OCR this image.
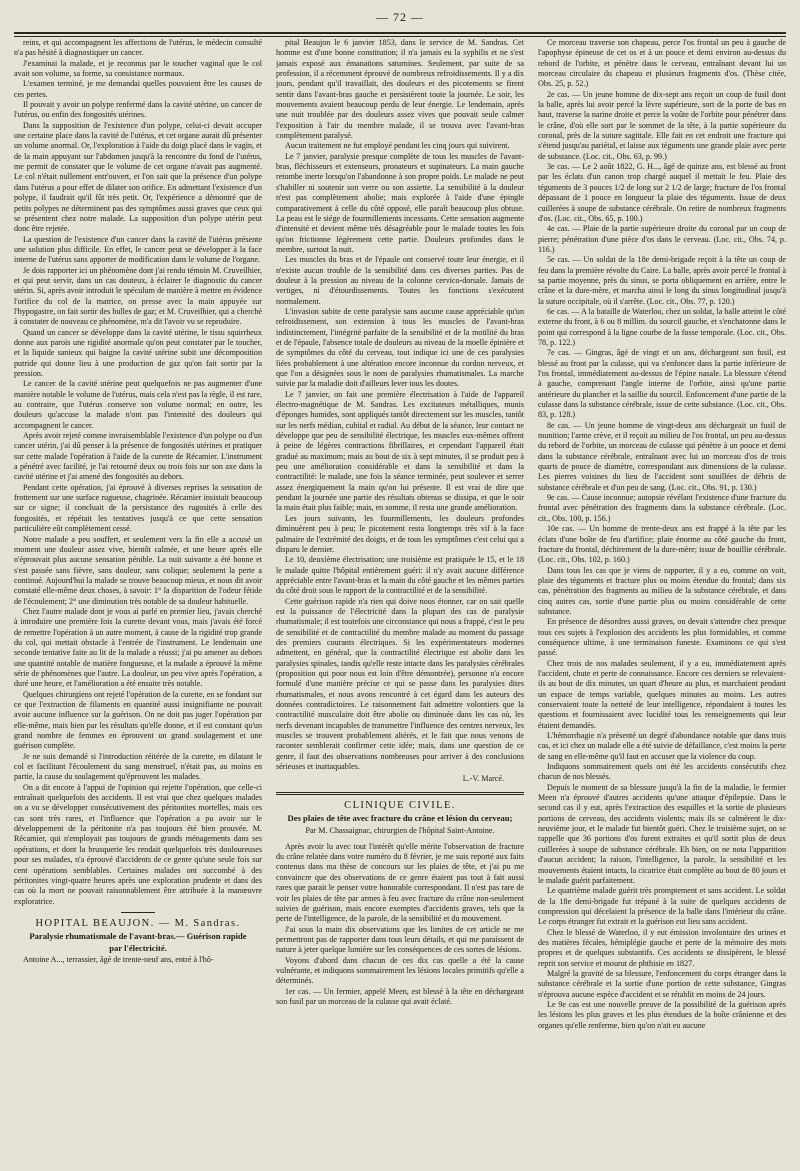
— 72 —

reins, et qui accompagnent les affections de l'utérus, le médecin consulté n'a pas hésité à diagnostiquer un cancer.

J'examinai la malade, et je reconnus par le toucher vaginal que le col avait son volume, sa forme, sa consistance normaux.

L'examen terminé, je me demandai quelles pouvaient être les causes de ces pertes.

Il pouvait y avoir un polype renfermé dans la cavité utérine, un cancer de l'utérus, ou enfin des fongosités utérines.

Dans la supposition de l'existence d'un polype, celui-ci devait occuper une certaine place dans la cavité de l'utérus, et cet organe aurait dû présenter un volume anormal. Or, l'exploration à l'aide du doigt placé dans le vagin, et de la main appuyant sur l'abdomen jusqu'à la rencontre du fond de l'utérus, me permit de constater que le volume de cet organe n'avait pas augmenté. Le col n'était nullement entr'ouvert, et l'on sait que la présence d'un polype dans l'utérus a pour effet de dilater son orifice. En admettant l'existence d'un polype, il faudrait qu'il fût très petit. Or, l'expérience a démontré que de petits polypes ne déterminent pas des symptômes aussi graves que ceux qui se présentent chez notre malade. La supposition d'un polype utérin peut donc être rejetée.

La question de l'existence d'un cancer dans la cavité de l'utérus présente une solution plus difficile. En effet, le cancer peut se développer à la face interne de l'utérus sans apporter de modification dans le volume de l'organe.

Je dois rapporter ici un phénomène dont j'ai rendu témoin M. Cruveilhier, et qui peut servir, dans un cas douteux, à éclairer le diagnostic du cancer utérin. Si, après avoir introduit le spéculum de manière à mettre en évidence l'orifice du col de la matrice, on presse avec la main appuyée sur l'hypogastre, on fait sortir des bulles de gaz; et M. Cruveilhier, qui a cherché à constater de nouveau ce phénomène, m'a dit l'avoir vu se reproduire.

Quand un cancer se développe dans la cavité utérine, le tissu squirrheux donne aux parois une rigidité anormale qu'on peut constater par le toucher, et la liquide sanieux qui baigne la cavité utérine subit une décomposition putride qui donne lieu à une production de gaz qu'on fait sortir par la pression.

Le cancer de la cavité utérine peut quelquefois ne pas augmenter d'une manière notable le volume de l'utérus, mais cela n'est pas la règle, il est rare, au contraire, que l'utérus conserve son volume normal; en outre, les douleurs qu'accuse la malade n'ont pas l'intensité des douleurs qui accompagnent le cancer.

Après avoir rejeté comme invraisemblable l'existence d'un polype ou d'un cancer utérin, j'ai dû penser à la présence de fongosités utérines et pratiquer sur cette malade l'opération à l'aide de la curette de Récamier. L'instrument a pénétré avec facilité, je l'ai retourné deux ou trois fois sur son axe dans la cavité utérine et j'ai amené des fongosités au dehors.

Pendant cette opération, j'ai éprouvé à diverses reprises la sensation de frottement sur une surface rugueuse, chagrinée. Récamier insistait beaucoup sur ce signe; il concluait de la persistance des rugosités à celle des fongosités, et répétait les tentatives jusqu'à ce que cette sensation particulière eût complètement cessé.

Notre malade a peu souffert, et seulement vers la fin elle a accusé un moment une douleur assez vive, bientôt calmée, et une heure après elle n'éprouvait plus aucune sensation pénible. La nuit suivante a été bonne et s'est passée sans fièvre, sans douleur, sans colique; seulement la perte a continué. Aujourd'hui la malade se trouve beaucoup mieux, et nous dit avoir constaté elle-même deux choses, à savoir: 1° la disparition de l'odeur fétide de l'écoulement; 2° une diminution très notable de sa douleur habituelle.

Chez l'autre malade dont je vous ai parlé en premier lieu, j'avais cherché à introduire une première fois la curette devant vous, mais j'avais été forcé de remettre l'opération à un autre moment, à cause de la rigidité trop grande du col, qui mettait obstacle à l'entrée de l'instrument. Le lendemain une seconde tentative faite au lit de la malade a réussi; j'ai pu amener au dehors une quantité notable de matière fongueuse, et la malade a éprouvé la même série de phénomènes que l'autre. La douleur, un peu vive après l'opération, a duré une heure, et l'amélioration a été ensuite très notable.

Quelques chirurgiens ont rejeté l'opération de la curette, en se fondant sur ce que l'extraction de filaments en quantité aussi insignifiante ne pouvait avoir aucune influence sur la guérison. On ne doit pas juger l'opération par elle-même, mais bien par les résultats qu'elle donne, et il est constant qu'un grand nombre de femmes en éprouvent un grand soulagement et une guérison complète.

Je ne suis demandé si l'introduction réitérée de la curette, en dilatant le col et facilitant l'écoulement du sang menstruel, n'était pas, au moins en partie, la cause du soulagement qu'éprouvent les malades.

On a dit encore à l'appui de l'opinion qui rejette l'opération, que celle-ci entraînait quelquefois des accidents. Il est vrai que chez quelques malades on a vu se développer consécutivement des péritonites mortelles, mais ces cas sont très rares, et l'influence que l'opération a pu avoir sur le développement de la péritonite n'a pas toujours été bien prouvée. M. Récamier, qui n'employait pas toujours de grands ménagements dans ses opérations, et dont la brusquerie les rendait quelquefois très douloureuses pour ses malades, n'a éprouvé d'accidents de ce genre qu'une seule fois sur cent opérations semblables. Certaines malades ont succombé à des péritonites vingt-quatre heures après une exploration prudente et dans des cas où la mort ne pouvait raisonnablement être attribuée à la manœuvre exploratrice.

HOPITAL BEAUJON. — M. Sandras.
Paralysie rhumatismale de l'avant-bras.— Guérison rapide
par l'électricité.

Antoine A..., terrassier, âgé de trente-neuf ans, entré à l'hô-

pital Beaujon le 6 janvier 1853, dans le service de M. Sandras. Cet homme est d'une bonne constitution; il n'a jamais eu la syphilis et ne s'est jamais exposé aux émanations saturnines. Seulement, par suite de sa profession, il a récemment éprouvé de nombreux refroidissements. Il y a dix jours, pendant qu'il travaillait, des douleurs et des picotements se firent sentir dans l'avant-bras gauche et persistèrent toute la journée. Le soir, les mouvements avaient beaucoup perdu de leur énergie. Le lendemain, après une nuit troublée par des douleurs assez vives que pouvait seule calmer l'exposition à l'air du membre malade, il se trouva avec l'avant-bras complètement paralysé.

Aucun traitement ne fut employé pendant les cinq jours qui suivirent.

Le 7 janvier, paralysie presque complète de tous les muscles de l'avant-bras, fléchisseurs et extenseurs, pronateurs et supinateurs. La main gauche retombe inerte lorsqu'on l'abandonne à son propre poids. Le malade ne peut s'habiller ni soutenir son verre ou son assiette. La sensibilité à la douleur n'est pas complètement abolie; mais explorée à l'aide d'une épingle comparativement à celle du côté opposé, elle paraît beaucoup plus obtuse. La peau est le siége de fourmillements incessants. Cette sensation augmente d'intensité et devient même très désagréable pour le malade toutes les fois qu'on frictionne légèrement cette partie. Douleurs profondes dans le membre, surtout la nuit.

Les muscles du bras et de l'épaule ont conservé toute leur énergie, et il n'existe aucun trouble de la sensibilité dans ces diverses parties. Pas de douleur à la pression au niveau de la colonne cervico-dorsale. Jamais de vertiges, ni d'étourdissements. Toutes les fonctions s'exécutent normalement.

L'invasion subite de cette paralysie sans aucune cause appréciable qu'un refroidissement, son extension à tous les muscles de l'avant-bras indistinctement, l'intégrité parfaite de la sensibilité et de la motilité du bras et de l'épaule, l'absence totale de douleurs au niveau de la moelle épinière et de symptômes du côté du cerveau, tout indique ici une de ces paralysies liées probablement à une altération encore inconnue du cordon nerveux, et que l'on a désignées sous le nom de paralysies rhumatismales. La marche suivie par la maladie doit d'ailleurs lever tous les doutes.

Le 7 janvier, on fait une première électrisation à l'aide de l'appareil électro-magnétique de M. Sandras. Les excitateurs métalliques, munis d'éponges humides, sont appliqués tantôt directement sur les muscles, tantôt sur les nerfs médian, cubital et radial. Au début de la séance, leur contact ne développe que peu de sensibilité électrique, les muscles eux-mêmes offrent à peine de légères contractions fibrillaires, et cependant l'appareil était gradué au maximum; mais au bout de six à sept minutes, il se produit peu à peu une amélioration considérable et dans la sensibilité et dans la contractilité: le malade, une fois la séance terminée, peut soulever et serrer assez énergiquement la main qu'on lui présente. Il est vrai de dire que pendant la journée une partie des résultats obtenus se dissipa, et que le soir la main était plus faible; mais, en somme, il resta une grande amélioration.

Les jours suivants, les fourmillements, les douleurs profondes diminuèrent peu à peu; le picotement resta longtemps très vif à la face palmaire de l'extrémité des doigts, et de tous les symptômes c'est celui qui a disparu le dernier.

Le 10, deuxième électrisation; une troisième est pratiquée le 15, et le 18 le malade quitte l'hôpital entièrement guéri: il n'y avait aucune différence appréciable entre l'avant-bras et la main du côté gauche et les mêmes parties du côté droit sous le rapport de la contractilité et de la sensibilité.

Cette guérison rapide n'a rien qui doive nous étonner, car on sait quelle est la puissance de l'électricité dans la plupart des cas de paralysie rhumatismale; il est toutefois une circonstance qui nous a frappé, c'est le peu de sensibilité et de contractilité du membre malade au moment du passage des premiers courants électriques. Si les expérimentateurs modernes admettent, en général, que la contractilité électrique est abolie dans les paralysies spinales, tandis qu'elle reste intacte dans les paralysies cérébrales (proposition qui pour nous est loin d'être démontrée), personne n'a encore formulé d'une manière précise ce qui se passe dans les paralysies dites rhumatismales, et nous avons rencontré à cet égard dans les auteurs des données contradictoires. Le raisonnement fait admettre volontiers que la contractilité musculaire doit être abolie ou diminuée dans les cas où, les nerfs devenant incapables de transmettre l'influence des centres nerveux, les muscles se trouvent probablement altérés, et le fait que nous venons de raconter semblerait confirmer cette idée; mais, dans une question de ce genre, il faut des observations nombreuses pour arriver à des conclusions sérieuses et inattaquables.

L.-V. Marcé.
CLINIQUE CIVILE.
Des plaies de tête avec fracture du crâne et lésion du cerveau;
Par M. Chassaignac, chirurgien de l'hôpital Saint-Antoine.

Après avoir lu avec tout l'intérêt qu'elle mérite l'observation de fracture du crâne relatée dans votre numéro du 8 février, je me suis reporté aux faits contenus dans ma thèse de concours sur les plaies de tête, et j'ai pu me convaincre que des observations de ce genre étaient pas tout à fait aussi rares que parait le penser votre honorable correspondant. Il n'est pas rare de voir les plaies de tête par armes à feu avec fracture du crâne non-seulement suivies de guérison, mais encore exemptes d'accidents graves, tels que la perte de l'intelligence, de la parole, de la sensibilité et du mouvement.

J'ai sous la main dix observations que les limites de cet article ne me permettront pas de rapporter dans tous leurs détails, et qui me paraissent de nature à jeter quelque lumière sur les conséquences de ces sortes de lésions.

Voyons d'abord dans chacun de ces dix cas quelle a été la cause vulnérante, et indiquons sommairement les lésions locales primitifs qu'elle a déterminés.

1er cas. — Un fermier, appelé Meen, est blessé à la tête en déchargeant son fusil par un morceau de la culasse qui avait éclaté.

Ce morceau traverse son chapeau, perce l'os frontal un peu à gauche de l'apophyse épineuse de cet os et à un pouce et demi environ au-dessus du rebord de l'orbite, et pénètre dans le cerveau, entraînant devant lui un morceau circulaire du chapeau et plusieurs fragments d'os. (Thèse citée, Obs. 25, p. 52.)

2e cas. — Un jeune homme de dix-sept ans reçoit un coup de fusil dont la balle, après lui avoir percé la lèvre supérieure, sort de la porte de bas en haut, traverse la narine droite et perce la voûte de l'orbite pour pénétrer dans le crâne, d'où elle sort par le sommet de la tête, à la partie supérieure du coronal, près de la suture sagittale. Elle fait en cet endroit une fracture qui s'étend jusqu'au pariétal, et laisse aux téguments une grande plaie avec perte de substance. (Loc. cit., Obs. 63, p. 99.)

3e cas. — Le 2 août 1822, G. H..., âgé de quinze ans, est blessé au front par les éclats d'un canon trop chargé auquel il mettait le feu. Plaie des téguments de 3 pouces 1/2 de long sur 2 1/2 de large; fracture de l'os frontal dépassant de 1 pouce en longueur la plaie des téguments. Issue de deux cuillerées à soupe de substance cérébrale. On retire de nombreux fragments d'os. (Loc. cit., Obs. 65, p. 100.)

4e cas. — Plaie de la partie supérieure droite du coronal par un coup de pierre; pénétration d'une pièce d'os dans le cerveau. (Loc. cit., Obs. 74, p. 116.)

5e cas. — Un soldat de la 18e demi-brigade reçoit à la tête un coup de feu dans la première révolte du Caire. La balle, après avoir percé le frontal à sa partie moyenne, près du sinus, se porta obliquement en arrière, entre le crâne et la dure-mère, et marcha ainsi le long du sinus longitudinal jusqu'à la suture occipitale, où il s'arrête. (Loc. cit., Obs. 77, p. 120.)

6e cas. — A la bataille de Waterloo, chez un soldat, la balle atteint le côté externe du front, à 6 ou 8 millim. du sourcil gauche, et s'enchatonne dans le point qui correspond à la ligne courbe de la fosse temporale. (Loc. cit., Obs. 78, p. 122.)

7e cas. — Gingras, âgé de vingt et un ans, déchargeant son fusil, est blessé au front par la culasse, qui va s'enfoncer dans la partie inférieure de l'os frontal, immédiatement au-dessus de l'épine nasale. La blessure s'étend à gauche, comprenant l'angle interne de l'orbite, ainsi qu'une partie antérieure du plancher et la saillie du sourcil. Enfoncement d'une partie de la culasse dans la substance cérébrale, issue de cette substance. (Loc. cit., Obs. 83, p. 128.)

8e cas. — Un jeune homme de vingt-deux ans déchargeait un fusil de munition; l'arme crève, et il reçoit au milieu de l'os frontal, un peu au-dessus du rebord de l'orbite, un morceau de culasse qui pénètre à un pouce et demi dans la substance cérébrale, entraînant avec lui un morceau d'os de trois quarts de pouce de diamètre, correspondant aux dimensions de la culasse. Les pierres voisines du lieu de l'accident sont souillées de débris de substance cérébrale et d'un peu de sang. (Loc. cit., Obs. 91, p. 130.)

9e cas. — Cause inconnue; autopsie révélant l'existence d'une fracture du frontal avec pénétration des fragments dans la substance cérébrale. (Loc. cit., Obs. 100, p. 156.)

10e cas. — Un homme de trente-deux ans est frappé à la tête par les éclats d'une boîte de feu d'artifice; plaie énorme au côté gauche du front, fracture du frontal, déchirement de la dure-mère; issue de bouillie cérébrale. (Loc. cit., Obs. 102, p. 160.)

Dans tous les cas que je viens de rapporter, il y a eu, comme on voit, plaie des téguments et fracture plus ou moins étendue du frontal; dans six cas, pénétration des fragments au milieu de la substance cérébrale, et dans cinq autres cas, sortie d'une partie plus ou moins considérable de cette substance.

En présence de désordres aussi graves, on devait s'attendre chez presque tous ces sujets à l'explosion des accidents les plus formidables, et comme conséquence ultime, à une terminaison funeste. Examinons ce qui s'est passé.

Chez trois de nos malades seulement, il y a eu, immédiatement après l'accident, chute et perte de connaissance. Encore ces derniers se relevaient-ils au bout de dix minutes, un quart d'heure au plus, et marchaient pendant un espace de temps variable, quelques minutes au moins. Les autres conservaient toute la netteté de leur intelligence, répondaient à toutes les questions et fournissaient avec lucidité tous les renseignements qui leur étaient demandés.

L'hémorrhagie n'a présenté un degré d'abondance notable que dans trois cas, et ici chez un malade elle a été suivie de défaillance, c'est moins la perte de sang en elle-même qu'il faut en accuser que la violence du coup.

Indiquons sommairement quels ont été les accidents consécutifs chez chacun de nos blessés.

Depuis le moment de sa blessure jusqu'à la fin de la maladie, le fermier Meen n'a éprouvé d'autres accidents qu'une attaque d'épilepsie. Dans le second cas il y eut, après l'extraction des esquilles et la sortie de plusieurs portions de cerveau, des accidents violents; mais ils se calmèrent le dix-neuvième jour, et le malade fut bientôt guéri. Chez le troisième sujet, on se rappelle que 36 portions d'os furent extraites et qu'il sortit plus de deux cuillerées à soupe de substance cérébrale. Eh bien, on ne nota l'apparition d'aucun accident; la raison, l'intelligence, la parole, la sensibilité et les mouvements étaient intacts, la cicatrice était complète au bout de 80 jours et le malade guérit parfaitement.

Le quatrième malade guérit très promptement et sans accident. Le soldat de la 18e demi-brigade fut trépané à la suite de quelques accidents de compression qui décelaient la présence de la balle dans l'intérieur du crâne. Le corps étranger fut extrait et la guérison eut lieu sans accident.

Chez le blessé de Waterloo, il y eut émission involontaire des urines et des matières fécales, hémiplégie gauche et perte de la mémoire des mots propres et de quelques substantifs. Ces accidents se dissipèrent, le blessé reprit son service et mourut de phthisie en 1827.

Malgré la gravité de sa blessure, l'enfoncement du corps étranger dans la substance cérébrale et la sortie d'une portion de cette substance, Gingras n'éprouva aucune espèce d'accident et se rétablit en moins de 24 jours.

Le 9e cas est une nouvelle preuve de la possibilité de la guérison après les lésions les plus graves et les plus étendues de la boîte crânienne et des organes qu'elle renferme, bien qu'on n'ait eu aucune
